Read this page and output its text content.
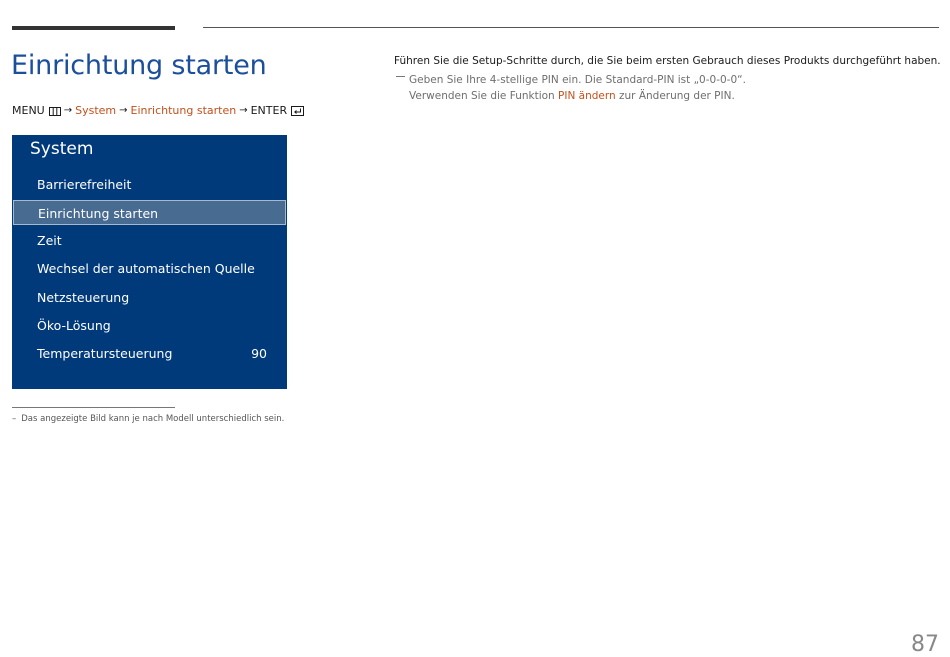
Einrichtung starten
MENU → System → Einrichtung starten → ENTER
System
Barrierefreiheit
Einrichtung starten
Zeit
Wechsel der automatischen Quelle
Netzsteuerung
Öko-Lösung
Temperatursteuerung	90
– Das angezeigte Bild kann je nach Modell unterschiedlich sein.
Führen Sie die Setup-Schritte durch, die Sie beim ersten Gebrauch dieses Produkts durchgeführt haben.
Geben Sie Ihre 4-stellige PIN ein. Die Standard-PIN ist „0-0-0-0“.
Verwenden Sie die Funktion PIN ändern zur Änderung der PIN.
87
